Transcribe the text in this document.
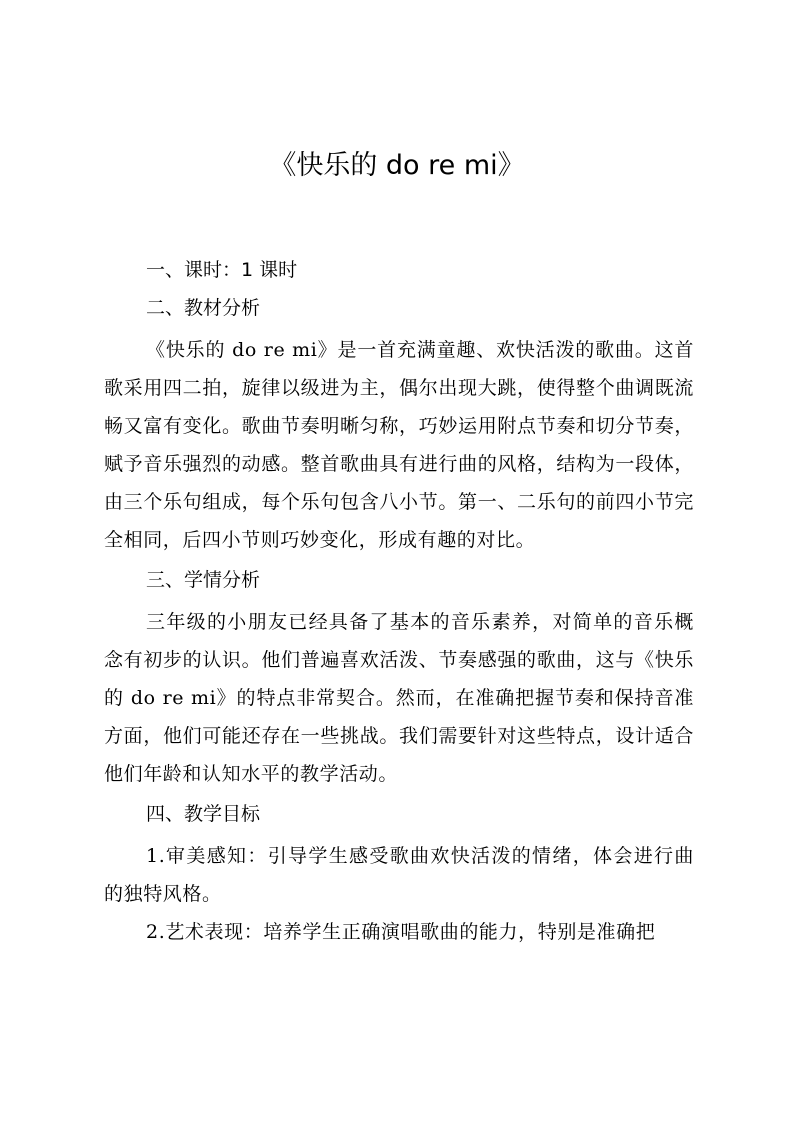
《快乐的 do re mi》
一、课时：1 课时
二、教材分析

《快乐的 do re mi》是一首充满童趣、欢快活泼的歌曲。这首歌采用四二拍，旋律以级进为主，偶尔出现大跳，使得整个曲调既流畅又富有变化。歌曲节奏明晰匀称，巧妙运用附点节奏和切分节奏，赋予音乐强烈的动感。整首歌曲具有进行曲的风格，结构为一段体，由三个乐句组成，每个乐句包含八小节。第一、二乐句的前四小节完全相同，后四小节则巧妙变化，形成有趣的对比。

三、学情分析

三年级的小朋友已经具备了基本的音乐素养，对简单的音乐概念有初步的认识。他们普遍喜欢活泼、节奏感强的歌曲，这与《快乐的 do re mi》的特点非常契合。然而，在准确把握节奏和保持音准方面，他们可能还存在一些挑战。我们需要针对这些特点，设计适合他们年龄和认知水平的教学活动。

四、教学目标

1.审美感知：引导学生感受歌曲欢快活泼的情绪，体会进行曲的独特风格。

2.艺术表现：培养学生正确演唱歌曲的能力，特别是准确把
